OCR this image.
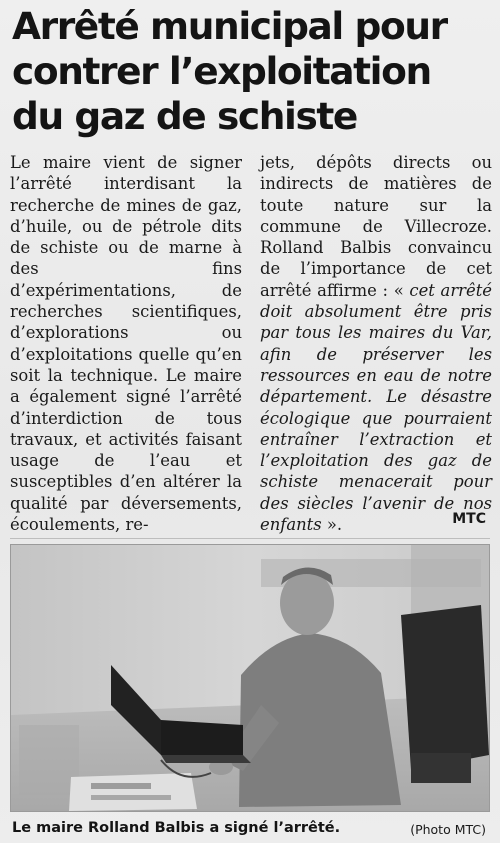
Arrêté municipal pour contrer l’exploitation du gaz de schiste

Le maire vient de signer l’arrêté interdisant la recherche de mines de gaz, d’huile, ou de pétrole dits de schiste ou de marne à des fins d’expérimentations, de recherches scientifiques, d’explorations ou d’exploitations quelle qu’en soit la technique. Le maire a également signé l’arrêté d’interdiction de tous travaux, et activités faisant usage de l’eau et susceptibles d’en altérer la qualité par déversements, écoulements, re-

jets, dépôts directs ou indirects de matières de toute nature sur la commune de Villecroze. Rolland Balbis convaincu de l’importance de cet arrêté affirme : « cet arrêté doit absolument être pris par tous les maires du Var, afin de préserver les ressources en eau de notre département. Le désastre écologique que pourraient entraîner l’extraction et l’exploitation des gaz de schiste menacerait pour des siècles l’avenir de nos enfants ».	MTC
Le maire Rolland Balbis a signé l’arrêté.	(Photo MTC)
